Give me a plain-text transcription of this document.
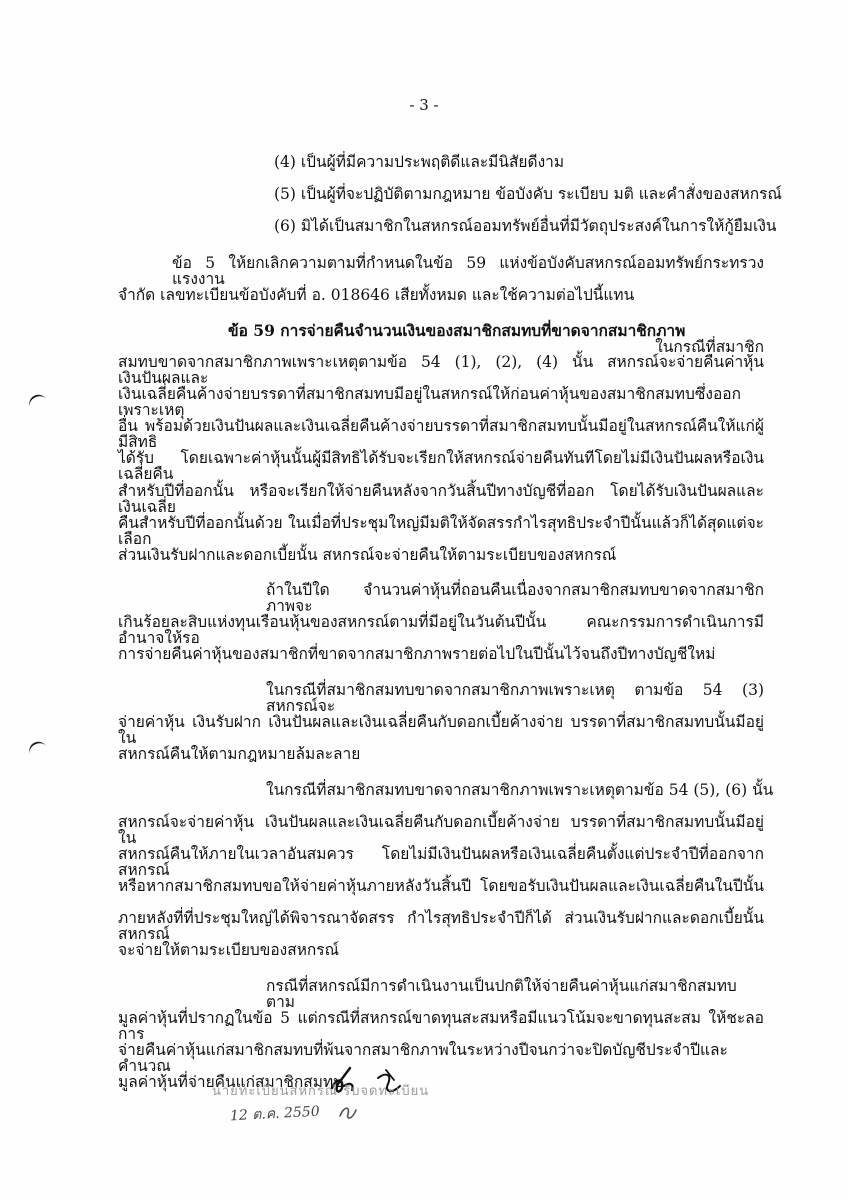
- 3 -
(4) เป็นผู้ที่มีความประพฤติดีและมีนิสัยดีงาม
(5) เป็นผู้ที่จะปฏิบัติตามกฎหมาย ข้อบังคับ ระเบียบ มติ และคำสั่งของสหกรณ์
(6) มิได้เป็นสมาชิกในสหกรณ์ออมทรัพย์อื่นที่มีวัตถุประสงค์ในการให้กู้ยืมเงิน
ข้อ 5 ให้ยกเลิกความตามที่กำหนดในข้อ 59 แห่งข้อบังคับสหกรณ์ออมทรัพย์กระทรวงแรงงาน
จำกัด เลขทะเบียนข้อบังคับที่ อ. 018646 เสียทั้งหมด และใช้ความต่อไปนี้แทน
ข้อ 59 การจ่ายคืนจำนวนเงินของสมาชิกสมทบที่ขาดจากสมาชิกภาพ
ในกรณีที่สมาชิก
สมทบขาดจากสมาชิกภาพเพราะเหตุตามข้อ 54 (1), (2), (4) นั้น สหกรณ์จะจ่ายคืนค่าหุ้น เงินปันผลและ
เงินเฉลี่ยคืนค้างจ่ายบรรดาที่สมาชิกสมทบมีอยู่ในสหกรณ์ให้ก่อนค่าหุ้นของสมาชิกสมทบซึ่งออกเพราะเหตุ
อื่น พร้อมด้วยเงินปันผลและเงินเฉลี่ยคืนค้างจ่ายบรรดาที่สมาชิกสมทบนั้นมีอยู่ในสหกรณ์คืนให้แก่ผู้มีสิทธิ
ได้รับ โดยเฉพาะค่าหุ้นนั้นผู้มีสิทธิได้รับจะเรียกให้สหกรณ์จ่ายคืนทันทีโดยไม่มีเงินปันผลหรือเงินเฉลี่ยคืน
สำหรับปีที่ออกนั้น หรือจะเรียกให้จ่ายคืนหลังจากวันสิ้นปีทางบัญชีที่ออก โดยได้รับเงินปันผลและเงินเฉลี่ย
คืนสำหรับปีที่ออกนั้นด้วย ในเมื่อที่ประชุมใหญ่มีมติให้จัดสรรกำไรสุทธิประจำปีนั้นแล้วก็ได้สุดแต่จะเลือก
ส่วนเงินรับฝากและดอกเบี้ยนั้น สหกรณ์จะจ่ายคืนให้ตามระเบียบของสหกรณ์
ถ้าในปีใด จำนวนค่าหุ้นที่ถอนคืนเนื่องจากสมาชิกสมทบขาดจากสมาชิกภาพจะ
เกินร้อยละสิบแห่งทุนเรือนหุ้นของสหกรณ์ตามที่มีอยู่ในวันต้นปีนั้น คณะกรรมการดำเนินการมีอำนาจให้รอ
การจ่ายคืนค่าหุ้นของสมาชิกที่ขาดจากสมาชิกภาพรายต่อไปในปีนั้นไว้จนถึงปีทางบัญชีใหม่
ในกรณีที่สมาชิกสมทบขาดจากสมาชิกภาพเพราะเหตุ ตามข้อ 54 (3) สหกรณ์จะ
จ่ายค่าหุ้น เงินรับฝาก เงินปันผลและเงินเฉลี่ยคืนกับดอกเบี้ยค้างจ่าย บรรดาที่สมาชิกสมทบนั้นมีอยู่ใน
สหกรณ์คืนให้ตามกฎหมายล้มละลาย
ในกรณีที่สมาชิกสมทบขาดจากสมาชิกภาพเพราะเหตุตามข้อ 54 (5), (6) นั้น
สหกรณ์จะจ่ายค่าหุ้น เงินปันผลและเงินเฉลี่ยคืนกับดอกเบี้ยค้างจ่าย บรรดาที่สมาชิกสมทบนั้นมีอยู่ใน
สหกรณ์คืนให้ภายในเวลาอันสมควร โดยไม่มีเงินปันผลหรือเงินเฉลี่ยคืนตั้งแต่ประจำปีที่ออกจากสหกรณ์
หรือหากสมาชิกสมทบขอให้จ่ายค่าหุ้นภายหลังวันสิ้นปี โดยขอรับเงินปันผลและเงินเฉลี่ยคืนในปีนั้น
ภายหลังที่ที่ประชุมใหญ่ได้พิจารณาจัดสรร กำไรสุทธิประจำปีก็ได้ ส่วนเงินรับฝากและดอกเบี้ยนั้น สหกรณ์
จะจ่ายให้ตามระเบียบของสหกรณ์
กรณีที่สหกรณ์มีการดำเนินงานเป็นปกติให้จ่ายคืนค่าหุ้นแก่สมาชิกสมทบตาม
มูลค่าหุ้นที่ปรากฏในข้อ 5 แต่กรณีที่สหกรณ์ขาดทุนสะสมหรือมีแนวโน้มจะขาดทุนสะสม ให้ชะลอการ
จ่ายคืนค่าหุ้นแก่สมาชิกสมทบที่พ้นจากสมาชิกภาพในระหว่างปีจนกว่าจะปิดบัญชีประจำปีและคำนวณ
มูลค่าหุ้นที่จ่ายคืนแก่สมาชิกสมทบ
นายทะเบียนสหกรณ์ รับจดทะเบียน
12 ต.ค. 2550
